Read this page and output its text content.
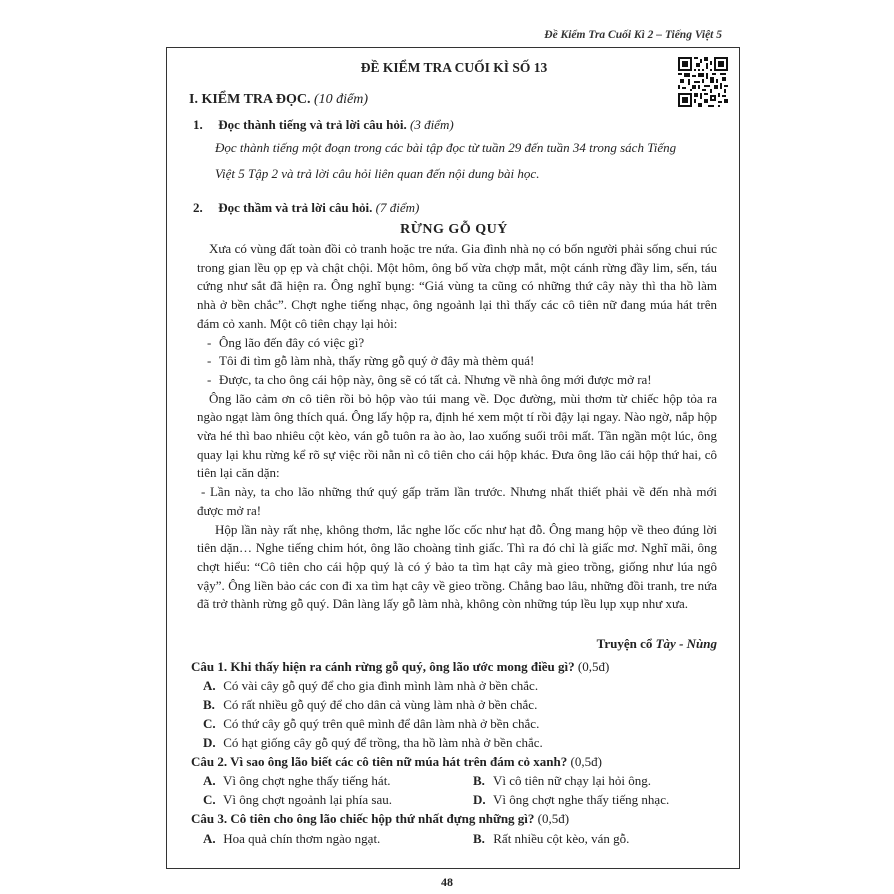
Đề Kiểm Tra Cuối Kì 2 – Tiếng Việt 5
ĐỀ KIỂM TRA CUỐI KÌ SỐ 13
I. KIỂM TRA ĐỌC. (10 điểm)
1. Đọc thành tiếng và trả lời câu hỏi. (3 điểm)
Đọc thành tiếng một đoạn trong các bài tập đọc từ tuần 29 đến tuần 34 trong sách Tiếng
Việt 5 Tập 2 và trả lời câu hỏi liên quan đến nội dung bài học.
2. Đọc thầm và trả lời câu hỏi. (7 điểm)
RỪNG GỖ QUÝ

Xưa có vùng đất toàn đồi cỏ tranh hoặc tre nứa. Gia đình nhà nọ có bốn người phải sống chui rúc trong gian lều ọp ẹp và chật chội. Một hôm, ông bố vừa chợp mắt, một cánh rừng đầy lim, sến, táu cứng như sắt đã hiện ra. Ông nghĩ bụng: “Giá vùng ta cũng có những thứ cây này thì tha hồ làm nhà ở bền chắc”. Chợt nghe tiếng nhạc, ông ngoảnh lại thì thấy các cô tiên nữ đang múa hát trên đám cỏ xanh. Một cô tiên chạy lại hỏi:

- Ông lão đến đây có việc gì?
- Tôi đi tìm gỗ làm nhà, thấy rừng gỗ quý ở đây mà thèm quá!
- Được, ta cho ông cái hộp này, ông sẽ có tất cả. Nhưng về nhà ông mới được mở ra!

Ông lão cảm ơn cô tiên rồi bỏ hộp vào túi mang về. Dọc đường, mùi thơm từ chiếc hộp tỏa ra ngào ngạt làm ông thích quá. Ông lấy hộp ra, định hé xem một tí rồi đậy lại ngay. Nào ngờ, nắp hộp vừa hé thì bao nhiêu cột kèo, ván gỗ tuôn ra ào ào, lao xuống suối trôi mất. Tần ngần một lúc, ông quay lại khu rừng kể rõ sự việc rồi nằn nì cô tiên cho cái hộp khác. Đưa ông lão cái hộp thứ hai, cô tiên lại căn dặn:

- Lần này, ta cho lão những thứ quý gấp trăm lần trước. Nhưng nhất thiết phải về đến nhà mới được mở ra!

Hộp lần này rất nhẹ, không thơm, lắc nghe lốc cốc như hạt đỗ. Ông mang hộp về theo đúng lời tiên dặn… Nghe tiếng chim hót, ông lão choàng tỉnh giấc. Thì ra đó chỉ là giấc mơ. Nghĩ mãi, ông chợt hiểu: “Cô tiên cho cái hộp quý là có ý bảo ta tìm hạt cây mà gieo trồng, giống như lúa ngô vậy”. Ông liền bảo các con đi xa tìm hạt cây về gieo trồng. Chẳng bao lâu, những đồi tranh, tre nứa đã trở thành rừng gỗ quý. Dân làng lấy gỗ làm nhà, không còn những túp lều lụp xụp như xưa.

Truyện cổ Tày - Nùng
Câu 1. Khi thấy hiện ra cánh rừng gỗ quý, ông lão ước mong điều gì? (0,5đ)
A. Có vài cây gỗ quý để cho gia đình mình làm nhà ở bền chắc.
B. Có rất nhiều gỗ quý để cho dân cả vùng làm nhà ở bền chắc.
C. Có thứ cây gỗ quý trên quê mình để dân làm nhà ở bền chắc.
D. Có hạt giống cây gỗ quý để trồng, tha hồ làm nhà ở bền chắc.
Câu 2. Vì sao ông lão biết các cô tiên nữ múa hát trên đám cỏ xanh? (0,5đ)
A. Vì ông chợt nghe thấy tiếng hát.	B. Vì cô tiên nữ chạy lại hỏi ông.
C. Vì ông chợt ngoảnh lại phía sau.	D. Vì ông chợt nghe thấy tiếng nhạc.
Câu 3. Cô tiên cho ông lão chiếc hộp thứ nhất đựng những gì? (0,5đ)
A. Hoa quả chín thơm ngào ngạt.	B. Rất nhiều cột kèo, ván gỗ.
48
